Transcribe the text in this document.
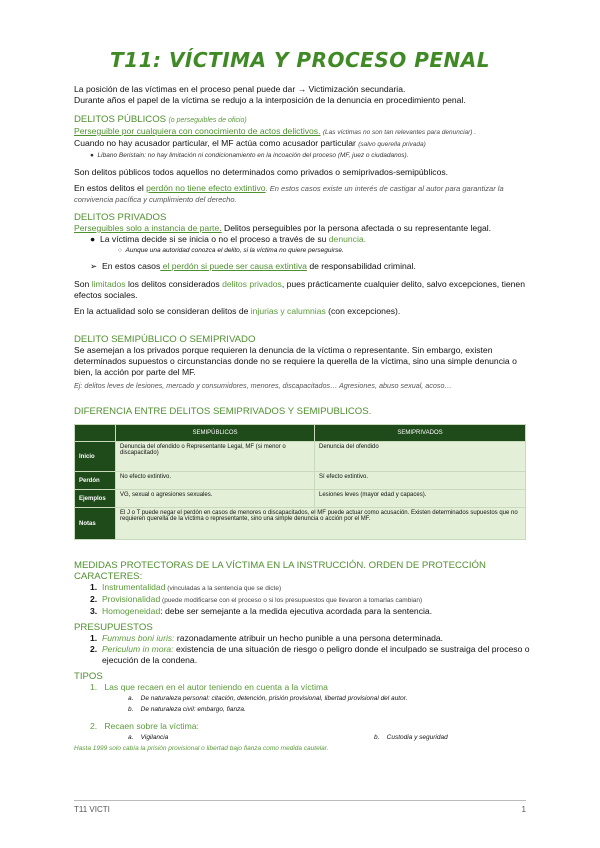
T11: VÍCTIMA Y PROCESO PENAL
La posición de las víctimas en el proceso penal puede dar → Victimización secundaria.
Durante años el papel de la víctima se redujo a la interposición de la denuncia en procedimiento penal.
DELITOS PÚBLICOS (o perseguibles de oficio)
Perseguible por cualquiera con conocimiento de actos delictivos. (Las víctimas no son tan relevantes para denunciar) .
Cuando no hay acusador particular, el MF actúa como acusador particular (salvo querella privada)
●  Libano Beristain: no hay limitación ni condicionamiento en la incoación del proceso (MF, juez o ciudadanos).
Son delitos públicos todos aquellos no determinados como privados o semiprivados-semipúblicos.
En estos delitos el perdón no tiene efecto extintivo. En estos casos existe un interés de castigar al autor para garantizar la convivencia pacífica y cumplimiento del derecho.
DELITOS PRIVADOS
Perseguibles solo a instancia de parte. Delitos perseguibles por la persona afectada o su representante legal.
●  La víctima decide si se inicia o no el proceso a través de su denuncia.
○  Aunque una autoridad conozca el delito, si la víctima no quiere perseguirse.
➢  En estos casos el perdón si puede ser causa extintiva de responsabilidad criminal.
Son limitados los delitos considerados delitos privados, pues prácticamente cualquier delito, salvo excepciones, tienen efectos sociales.
En la actualidad solo se consideran delitos de injurias y calumnias (con excepciones).
DELITO SEMIPÚBLICO O SEMIPRIVADO
Se asemejan a los privados porque requieren la denuncia de la víctima o representante. Sin embargo, existen determinados supuestos o circunstancias donde no se requiere la querella de la víctima, sino una simple denuncia o bien, la acción por parte del MF.
Ej: delitos leves de lesiones, mercado y consumidores, menores, discapacitados… Agresiones, abuso sexual, acoso…
DIFERENCIA ENTRE DELITOS SEMIPRIVADOS Y SEMIPUBLICOS.
	SEMIPÚBLICOS	SEMIPRIVADOS
Inicio	Denuncia del ofendido o Representante Legal, MF (si menor o discapacitado)	Denuncia del ofendido
Perdón	No efecto extintivo.	Sí efecto extintivo.
Ejemplos	VG, sexual o agresiones sexuales.	Lesiones leves (mayor edad y capaces).
Notas	El J o T puede negar el perdón en casos de menores o discapacitados, el MF puede actuar como acusación. Existen determinados supuestos que no requieren querella de la víctima o representante, sino una simple denuncia o acción por el MF.	
MEDIDAS PROTECTORAS DE LA VÍCTIMA EN LA INSTRUCCIÓN. ORDEN DE PROTECCIÓN
CARACTERES:
1. Instrumentalidad (vinculadas a la sentencia que se dicte)
2. Provisionalidad (puede modificarse con el proceso o si los presupuestos que llevaron a tomarlas cambian)
3. Homogeneidad: debe ser semejante a la medida ejecutiva acordada para la sentencia.
PRESUPUESTOS
1. Fummus boni iuris: razonadamente atribuir un hecho punible a una persona determinada.
2. Periculum in mora: existencia de una situación de riesgo o peligro donde el inculpado se sustraiga del proceso o ejecución de la condena.
TIPOS
1.   Las que recaen en el autor teniendo en cuenta a la víctima
a.    De naturaleza personal: citación, detención, prisión provisional, libertad provisional del autor.
b.    De naturaleza civil: embargo, fianza.
2.   Recaen sobre la víctima:
a.    Vigilancia	b.    Custodia y seguridad
Hasta 1999 solo cabía la prisión provisional o libertad bajo fianza como medida cautelar.
T11 VICTI	1
